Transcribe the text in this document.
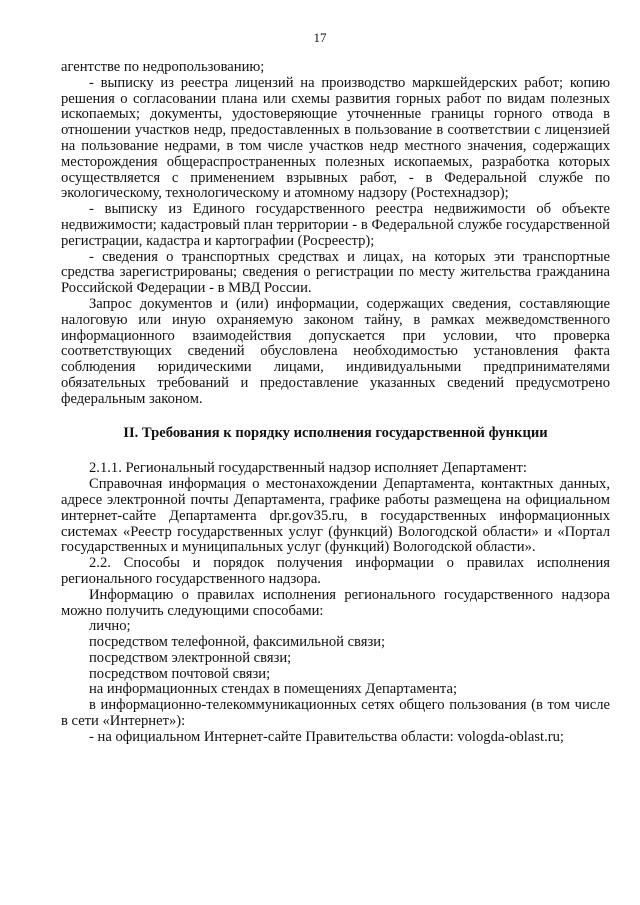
17

агентстве по недропользованию;

- выписку из реестра лицензий на производство маркшейдерских работ; копию решения о согласовании плана или схемы развития горных работ по видам полезных ископаемых; документы, удостоверяющие уточненные границы горного отвода в отношении участков недр, предоставленных в пользование в соответствии с лицензией на пользование недрами, в том числе участков недр местного значения, содержащих месторождения общераспространенных полезных ископаемых, разработка которых осуществляется с применением взрывных работ, - в Федеральной службе по экологическому, технологическому и атомному надзору (Ростехнадзор);

- выписку из Единого государственного реестра недвижимости об объекте недвижимости; кадастровый план территории - в Федеральной службе государственной регистрации, кадастра и картографии (Росреестр);

- сведения о транспортных средствах и лицах, на которых эти транспортные средства зарегистрированы; сведения о регистрации по месту жительства гражданина Российской Федерации - в МВД России.

Запрос документов и (или) информации, содержащих сведения, составляющие налоговую или иную охраняемую законом тайну, в рамках межведомственного информационного взаимодействия допускается при условии, что проверка соответствующих сведений обусловлена необходимостью установления факта соблюдения юридическими лицами, индивидуальными предпринимателями обязательных требований и предоставление указанных сведений предусмотрено федеральным законом.

II. Требования к порядку исполнения государственной функции

2.1.1. Региональный государственный надзор исполняет Департамент:

Справочная информация о местонахождении Департамента, контактных данных, адресе электронной почты Департамента, графике работы размещена на официальном интернет-сайте Департамента dpr.gov35.ru, в государственных информационных системах «Реестр государственных услуг (функций) Вологодской области» и «Портал государственных и муниципальных услуг (функций) Вологодской области».

2.2. Способы и порядок получения информации о правилах исполнения регионального государственного надзора.

Информацию о правилах исполнения регионального государственного надзора можно получить следующими способами:

лично;

посредством телефонной, факсимильной связи;

посредством электронной связи;

посредством почтовой связи;

на информационных стендах в помещениях Департамента;

в информационно-телекоммуникационных сетях общего пользования (в том числе в сети «Интернет»):

- на официальном Интернет-сайте Правительства области: vologda-oblast.ru;
